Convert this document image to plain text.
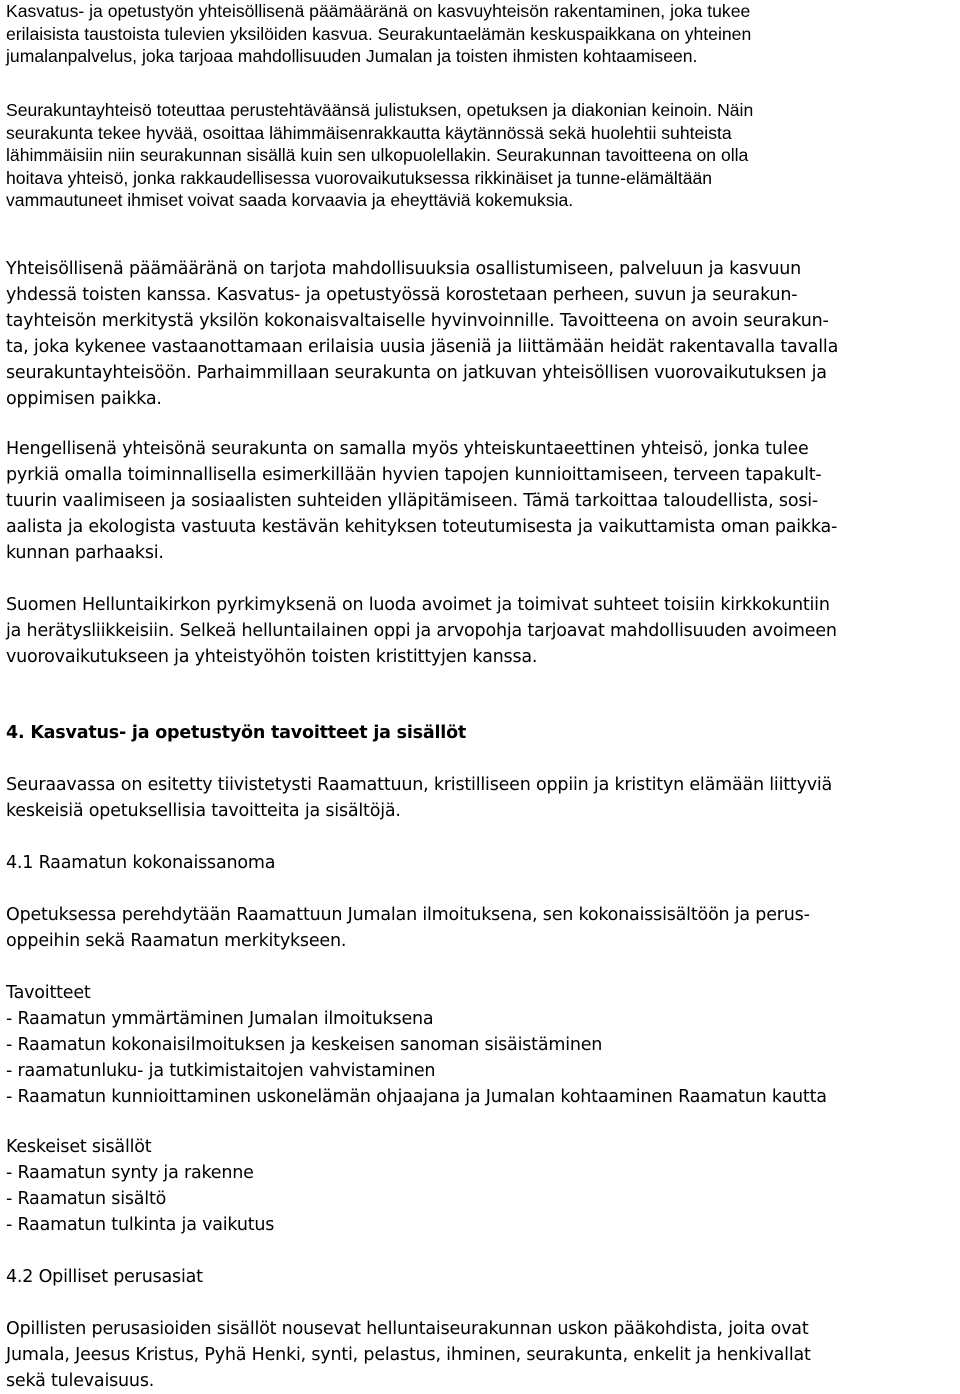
Kasvatus- ja opetustyön yhteisöllisenä päämääränä on kasvuyhteisön rakentaminen, joka tukee
erilaisista taustoista tulevien yksilöiden kasvua. Seurakuntaelämän keskuspaikkana on yhteinen
jumalanpalvelus, joka tarjoaa mahdollisuuden Jumalan ja toisten ihmisten kohtaamiseen.

Seurakuntayhteisö toteuttaa perustehtäväänsä julistuksen, opetuksen ja diakonian keinoin. Näin
seurakunta tekee hyvää, osoittaa lähimmäisenrakkautta käytännössä sekä huolehtii suhteista
lähimmäisiin niin seurakunnan sisällä kuin sen ulkopuolellakin. Seurakunnan tavoitteena on olla
hoitava yhteisö, jonka rakkaudellisessa vuorovaikutuksessa rikkinäiset ja tunne-elämältään
vammautuneet ihmiset voivat saada korvaavia ja eheyttäviä kokemuksia.

Yhteisöllisenä päämääränä on tarjota mahdollisuuksia osallistumiseen, palveluun ja kasvuun
yhdessä toisten kanssa. Kasvatus- ja opetustyössä korostetaan perheen, suvun ja seurakun-
tayhteisön merkitystä yksilön kokonaisvaltaiselle hyvinvoinnille. Tavoitteena on avoin seurakun-
ta, joka kykenee vastaanottamaan erilaisia uusia jäseniä ja liittämään heidät rakentavalla tavalla
seurakuntayhteisöön. Parhaimmillaan seurakunta on jatkuvan yhteisöllisen vuorovaikutuksen ja
oppimisen paikka.

Hengellisenä yhteisönä seurakunta on samalla myös yhteiskuntaeettinen yhteisö, jonka tulee
pyrkiä omalla toiminnallisella esimerkillään hyvien tapojen kunnioittamiseen, terveen tapakult-
tuurin vaalimiseen ja sosiaalisten suhteiden ylläpitämiseen. Tämä tarkoittaa taloudellista, sosi-
aalista ja ekologista vastuuta kestävän kehityksen toteutumisesta ja vaikuttamista oman paikka-
kunnan parhaaksi.

Suomen Helluntaikirkon pyrkimyksenä on luoda avoimet ja toimivat suhteet toisiin kirkkokuntiin
ja herätysliikkeisiin. Selkeä helluntailainen oppi ja arvopohja tarjoavat mahdollisuuden avoimeen
vuorovaikutukseen ja yhteistyöhön toisten kristittyjen kanssa.

4. Kasvatus- ja opetustyön tavoitteet ja sisällöt

Seuraavassa on esitetty tiivistetysti Raamattuun, kristilliseen oppiin ja kristityn elämään liittyviä
keskeisiä opetuksellisia tavoitteita ja sisältöjä.

4.1 Raamatun kokonaissanoma

Opetuksessa perehdytään Raamattuun Jumalan ilmoituksena, sen kokonaissisältöön ja perus-
oppeihin sekä Raamatun merkitykseen.

Tavoitteet
- Raamatun ymmärtäminen Jumalan ilmoituksena
- Raamatun kokonaisilmoituksen ja keskeisen sanoman sisäistäminen
- raamatunluku- ja tutkimistaitojen vahvistaminen
- Raamatun kunnioittaminen uskonelämän ohjaajana ja Jumalan kohtaaminen Raamatun kautta

Keskeiset sisällöt
- Raamatun synty ja rakenne
- Raamatun sisältö
- Raamatun tulkinta ja vaikutus

4.2 Opilliset perusasiat

Opillisten perusasioiden sisällöt nousevat helluntaiseurakunnan uskon pääkohdista, joita ovat
Jumala, Jeesus Kristus, Pyhä Henki, synti, pelastus, ihminen, seurakunta, enkelit ja henkivallat
sekä tulevaisuus.
